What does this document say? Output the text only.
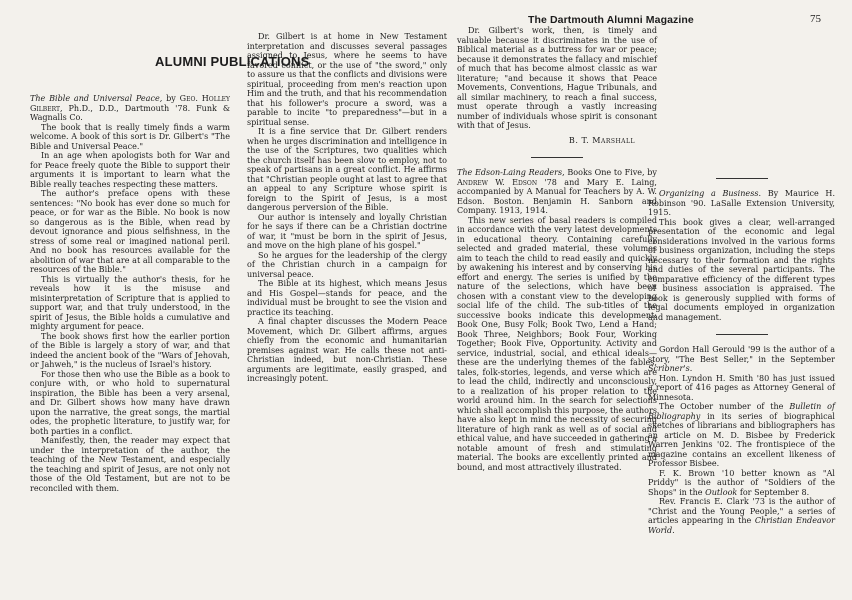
The Dartmouth Alumni Magazine	75
ALUMNI PUBLICATIONS

The Bible and Universal Peace, by Geo. Holley Gilbert, Ph.D., D.D., Dartmouth '78. Funk & Wagnalls Co.

The book that is really timely finds a warm welcome. A book of this sort is Dr. Gilbert's "The Bible and Universal Peace."

In an age when apologists both for War and for Peace freely quote the Bible to support their arguments it is important to learn what the Bible really teaches respecting these matters.

The author's preface opens with these sentences: "No book has ever done so much for peace, or for war as the Bible. No book is now so dangerous as is the Bible, when read by devout ignorance and pious selfishness, in the stress of some real or imagined national peril. And no book has resources available for the abolition of war that are at all comparable to the resources of the Bible."

This is virtually the author's thesis, for he reveals how it is the misuse and misinterpretation of Scripture that is applied to support war, and that truly understood, in the spirit of Jesus, the Bible holds a cumulative and mighty argument for peace.

The book shows first how the earlier portion of the Bible is largely a story of war, and that indeed the ancient book of the "Wars of Jehovah, or Jahweh," is the nucleus of Israel's history.

For those then who use the Bible as a book to conjure with, or who hold to supernatural inspiration, the Bible has been a very arsenal, and Dr. Gilbert shows how many have drawn upon the narrative, the great songs, the martial odes, the prophetic literature, to justify war, for both parties in a conflict.

Manifestly, then, the reader may expect that under the interpretation of the author, the teaching of the New Testament, and especially the teaching and spirit of Jesus, are not only not those of the Old Testament, but are not to be reconciled with them.

Dr. Gilbert is at home in New Testament interpretation and discusses several passages assigned to Jesus, where he seems to have favored conflict, or the use of "the sword," only to assure us that the conflicts and divisions were spiritual, proceeding from men's reaction upon Him and the truth, and that his recommendation that his follower's procure a sword, was a parable to incite "to preparedness"—but in a spiritual sense.

It is a fine service that Dr. Gilbert renders when he urges discrimination and intelligence in the use of the Scriptures, two qualities which the church itself has been slow to employ, not to speak of partisans in a great conflict. He affirms that "Christian people ought at last to agree that an appeal to any Scripture whose spirit is foreign to the Spirit of Jesus, is a most dangerous perversion of the Bible.

Our author is intensely and loyally Christian for he says if there can be a Christian doctrine of war, it "must be born in the spirit of Jesus, and move on the high plane of his gospel."

So he argues for the leadership of the clergy of the Christian church in a campaign for universal peace.

The Bible at its highest, which means Jesus and His Gospel—stands for peace, and the individual must be brought to see the vision and practice its teaching.

A final chapter discusses the Modern Peace Movement, which Dr. Gilbert affirms, argues chiefly from the economic and humanitarian premises against war. He calls these not anti-Christian indeed, but non-Christian. These arguments are legitimate, easily grasped, and increasingly potent.

Dr. Gilbert's work, then, is timely and valuable because it discriminates in the use of Biblical material as a buttress for war or peace; because it demonstrates the fallacy and mischief of much that has become almost classic as war literature; "and because it shows that Peace Movements, Conventions, Hague Tribunals, and all similar machinery, to reach a final success, must operate through a vastly increasing number of individuals whose spirit is consonant with that of Jesus.

B. T. Marshall

The Edson-Laing Readers, Books One to Five, by Andrew W. Edson '78 and Mary E. Laing, accompanied by A Manual for Teachers by A. W. Edson. Boston. Benjamin H. Sanborn and Company. 1913, 1914.

This new series of basal readers is compiled in accordance with the very latest developments in educational theory. Containing carefully selected and graded material, these volumes aim to teach the child to read easily and quickly by awakening his interest and by conserving his effort and energy. The series is unified by the nature of the selections, which have been chosen with a constant view to the developing social life of the child. The sub-titles of the successive books indicate this development: Book One, Busy Folk; Book Two, Lend a Hand; Book Three, Neighbors; Book Four, Working Together; Book Five, Opportunity. Activity and service, industrial, social, and ethical ideals—these are the underlying themes of the fables, tales, folk-stories, legends, and verse which are to lead the child, indirectly and unconsciously, to a realization of his proper relation to the world around him. In the search for selections which shall accomplish this purpose, the authors have also kept in mind the necessity of securing literature of high rank as well as of social and ethical value, and have succeeded in gathering a notable amount of fresh and stimulating material. The books are excellently printed and bound, and most attractively illustrated.

Organizing a Business. By Maurice H. Robinson '90. LaSalle Extension University, 1915.

This book gives a clear, well-arranged presentation of the economic and legal considerations involved in the various forms of business organization, including the steps necessary to their formation and the rights and duties of the several participants. The comparative efficiency of the different types of business association is appraised. The book is generously supplied with forms of legal documents employed in organization and management.

Gordon Hall Gerould '99 is the author of a story, "The Best Seller," in the September Scribner's.

Hon. Lyndon H. Smith '80 has just issued a report of 416 pages as Attorney General of Minnesota.

The October number of the Bulletin of Bibliography in its series of biographical sketches of librarians and bibliographers has an article on M. D. Bisbee by Frederick Warren Jenkins '02. The frontispiece of the magazine contains an excellent likeness of Professor Bisbee.

F. K. Brown '10 better known as "Al Priddy" is the author of "Soldiers of the Shops" in the Outlook for September 8.

Rev. Francis E. Clark '73 is the author of "Christ and the Young People," a series of articles appearing in the Christian Endeavor World.
